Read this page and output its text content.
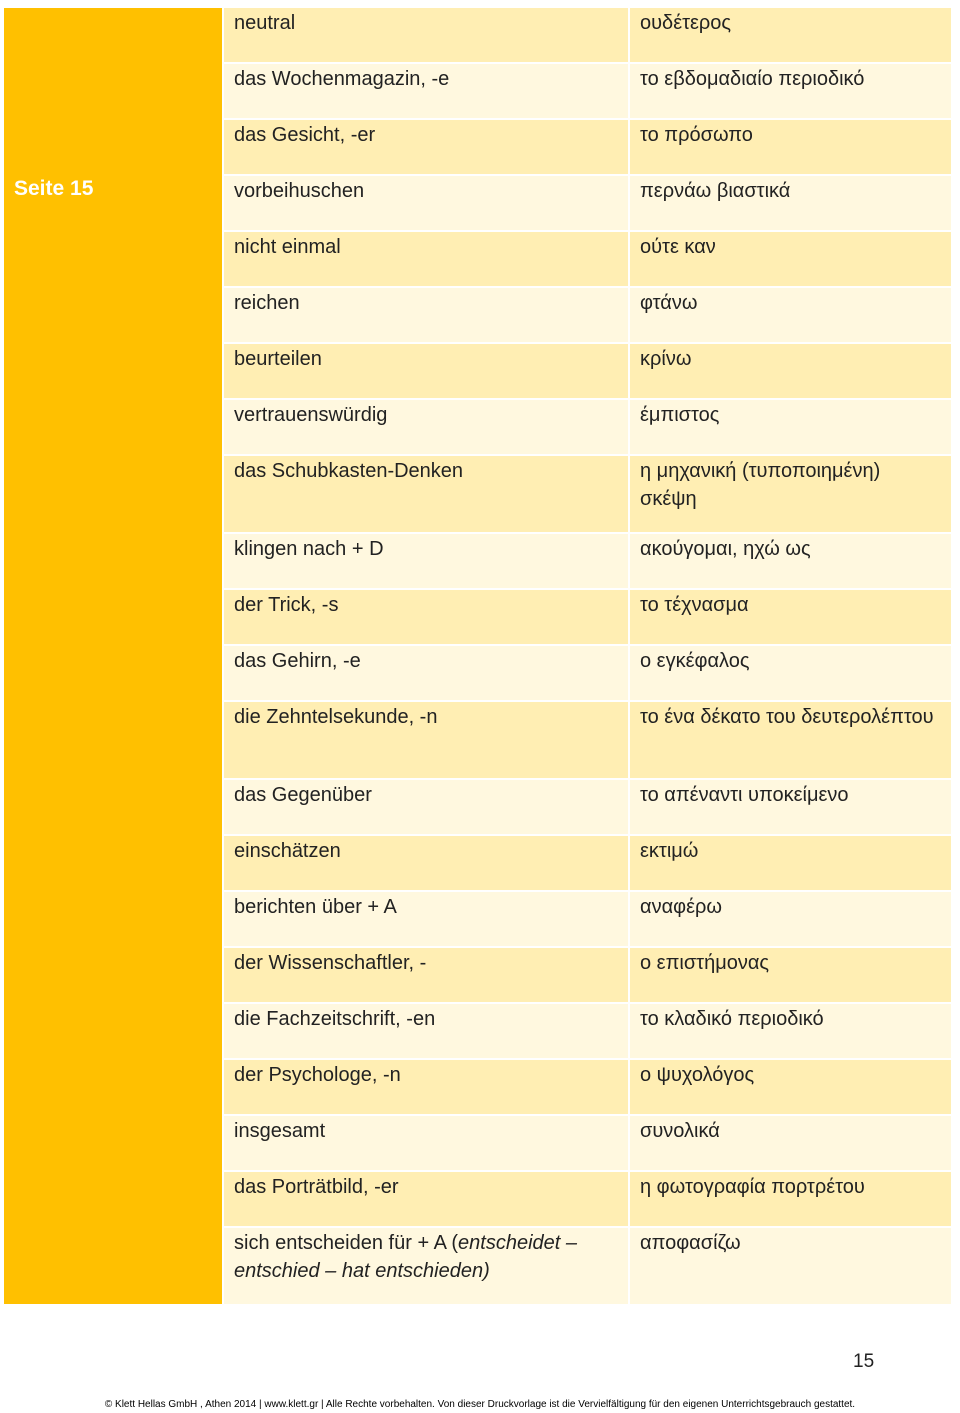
Seite 15	neutral	ουδέτερος
	das Wochenmagazin, -e	το εβδομαδιαίο περιοδικό
	das Gesicht, -er	το πρόσωπο
	vorbeihuschen	περνάω βιαστικά
	nicht einmal	ούτε καν
	reichen	φτάνω
	beurteilen	κρίνω
	vertrauenswürdig	έμπιστος
	das Schubkasten-Denken	η μηχανική (τυποποιημένη) σκέψη
	klingen nach + D	ακούγομαι, ηχώ ως
	der Trick, -s	το τέχνασμα
	das Gehirn, -e	ο εγκέφαλος
	die Zehntelsekunde, -n	το ένα δέκατο του δευτερολέπτου
	das Gegenüber	το απέναντι υποκείμενο
	einschätzen	εκτιμώ
	berichten über + A	αναφέρω
	der Wissenschaftler, -	ο επιστήμονας
	die Fachzeitschrift, -en	το κλαδικό περιοδικό
	der Psychologe, -n	ο ψυχολόγος
	insgesamt	συνολικά
	das Porträtbild, -er	η φωτογραφία πορτρέτου
	sich entscheiden für + A (entscheidet – entschied – hat entschieden)	αποφασίζω
15
© Klett Hellas GmbH , Athen 2014 | www.klett.gr | Alle Rechte vorbehalten. Von dieser Druckvorlage ist die Vervielfältigung für den eigenen Unterrichtsgebrauch gestattet.
